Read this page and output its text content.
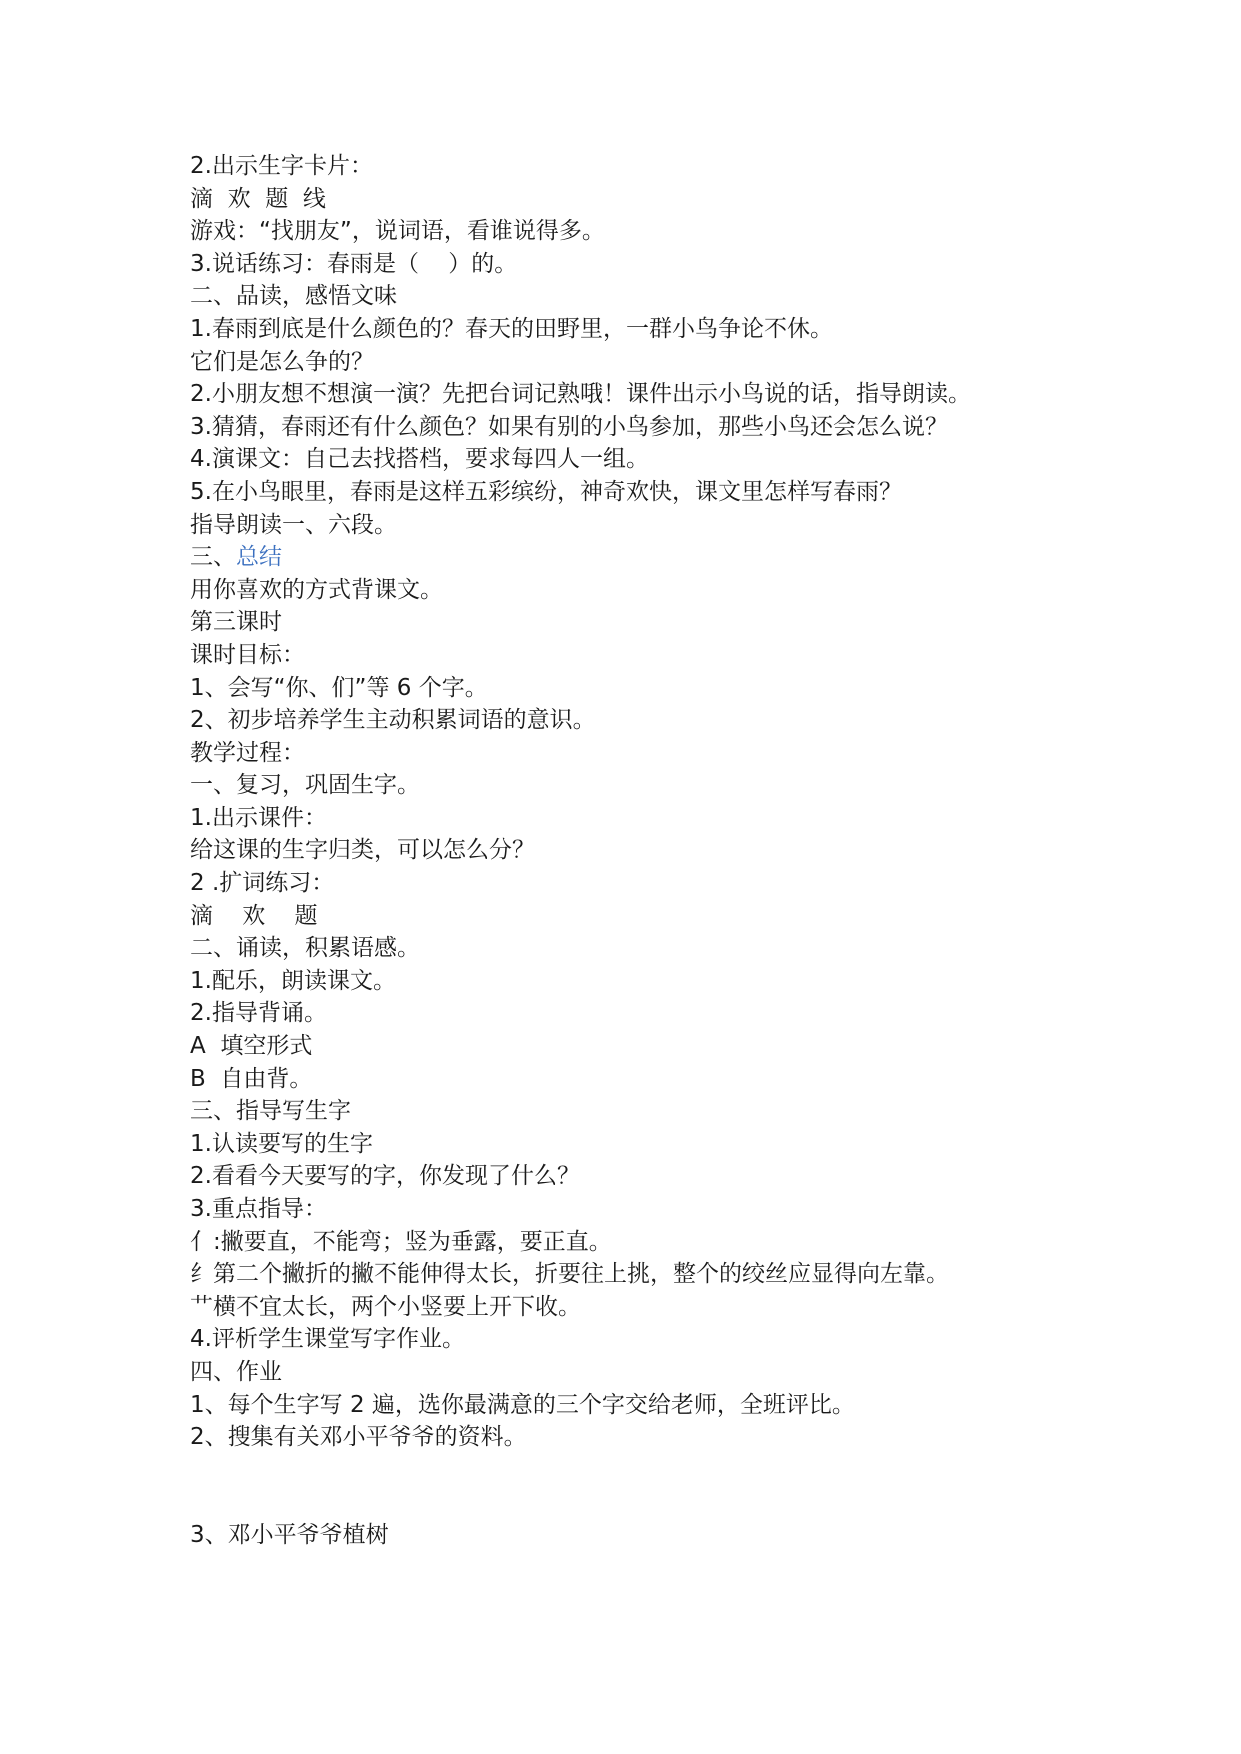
2.出示生字卡片：

滴  欢  题  线

游戏：“找朋友”，说词语，看谁说得多。

3.说话练习：春雨是（    ）的。

二、品读，感悟文味

1.春雨到底是什么颜色的？春天的田野里，一群小鸟争论不休。

它们是怎么争的？

2.小朋友想不想演一演？先把台词记熟哦！课件出示小鸟说的话，指导朗读。

3.猜猜，春雨还有什么颜色？如果有别的小鸟参加，那些小鸟还会怎么说？

4.演课文：自己去找搭档，要求每四人一组。

5.在小鸟眼里，春雨是这样五彩缤纷，神奇欢快，课文里怎样写春雨？

指导朗读一、六段。

三、总结

用你喜欢的方式背课文。

第三课时

课时目标：

1、会写“你、们”等 6 个字。

2、初步培养学生主动积累词语的意识。

教学过程：

一、复习，巩固生字。

1.出示课件：

给这课的生字归类，可以怎么分？

2 .扩词练习：

滴    欢    题

二、诵读，积累语感。

1.配乐，朗读课文。

2.指导背诵。

A  填空形式

B  自由背。

三、指导写生字

1.认读要写的生字

2.看看今天要写的字，你发现了什么？

3.重点指导：

亻:撇要直，不能弯；竖为垂露，要正直。

纟第二个撇折的撇不能伸得太长，折要往上挑，整个的绞丝应显得向左靠。

艹横不宜太长，两个小竖要上开下收。

4.评析学生课堂写字作业。

四、作业

1、每个生字写 2 遍，选你最满意的三个字交给老师，全班评比。

2、搜集有关邓小平爷爷的资料。

3、邓小平爷爷植树
